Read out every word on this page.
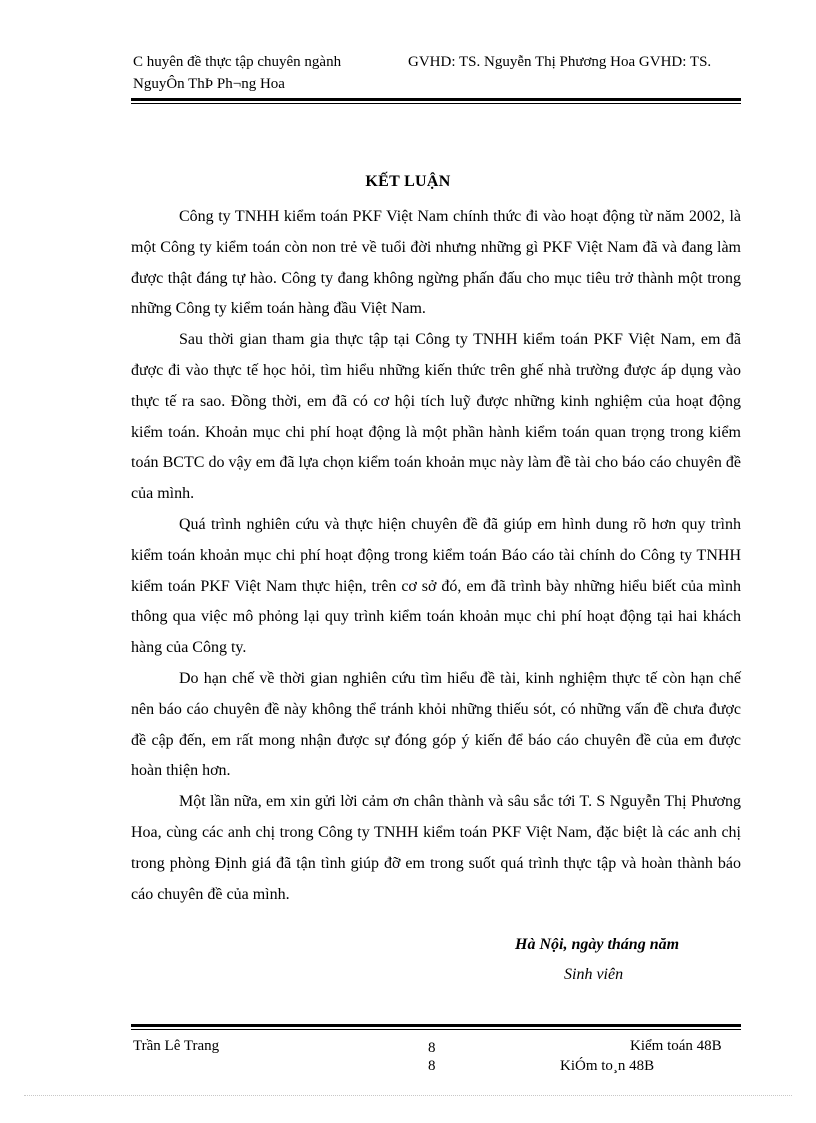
C huyên đề thực tập chuyên ngành	GVHD: TS. Nguyễn Thị Phương Hoa GVHD: TS.
NguyÔn ThÞ Ph¬ng Hoa
KẾT LUẬN

Công ty TNHH kiểm toán PKF Việt Nam chính thức đi vào hoạt động từ năm 2002, là một Công ty kiểm toán còn non trẻ về tuổi đời nhưng những gì PKF Việt Nam đã và đang làm được thật đáng tự hào. Công ty đang không ngừng phấn đấu cho mục tiêu trở thành một trong những Công ty kiểm toán hàng đầu Việt Nam.

Sau thời gian tham gia thực tập tại Công ty TNHH kiểm toán PKF Việt Nam, em đã được đi vào thực tế học hỏi, tìm hiểu những kiến thức trên ghế nhà trường được áp dụng vào thực tế ra sao. Đồng thời, em đã có cơ hội tích luỹ được những kinh nghiệm của hoạt động kiểm toán. Khoản mục chi phí hoạt động là một phần hành kiểm toán quan trọng trong kiểm toán BCTC do vậy em đã lựa chọn kiểm toán khoản mục này làm đề tài cho báo cáo chuyên đề của mình.

Quá trình nghiên cứu và thực hiện chuyên đề đã giúp em hình dung rõ hơn quy trình kiểm toán khoản mục chi phí hoạt động trong kiểm toán Báo cáo tài chính do Công ty TNHH kiểm toán PKF Việt Nam thực hiện, trên cơ sở đó, em đã trình bày những hiểu biết của mình thông qua việc mô phỏng lại quy trình kiểm toán khoản mục chi phí hoạt động tại hai khách hàng của Công ty.

Do hạn chế về thời gian nghiên cứu tìm hiểu đề tài, kinh nghiệm thực tế còn hạn chế nên báo cáo chuyên đề này không thể tránh khỏi những thiếu sót, có những vấn đề chưa được đề cập đến, em rất mong nhận được sự đóng góp ý kiến để báo cáo chuyên đề của em được hoàn thiện hơn.

Một lần nữa, em xin gửi lời cảm ơn chân thành và sâu sắc tới T. S Nguyễn Thị Phương Hoa, cùng các anh chị trong Công ty TNHH kiểm toán PKF Việt Nam, đặc biệt là các anh chị trong phòng Định giá đã tận tình giúp đỡ em trong suốt quá trình thực tập và hoàn thành báo cáo chuyên đề của mình.

Hà Nội, ngày tháng năm
Sinh viên
Trần Lê Trang	8	Kiểm toán 48B
8	KiÓm to¸n 48B
